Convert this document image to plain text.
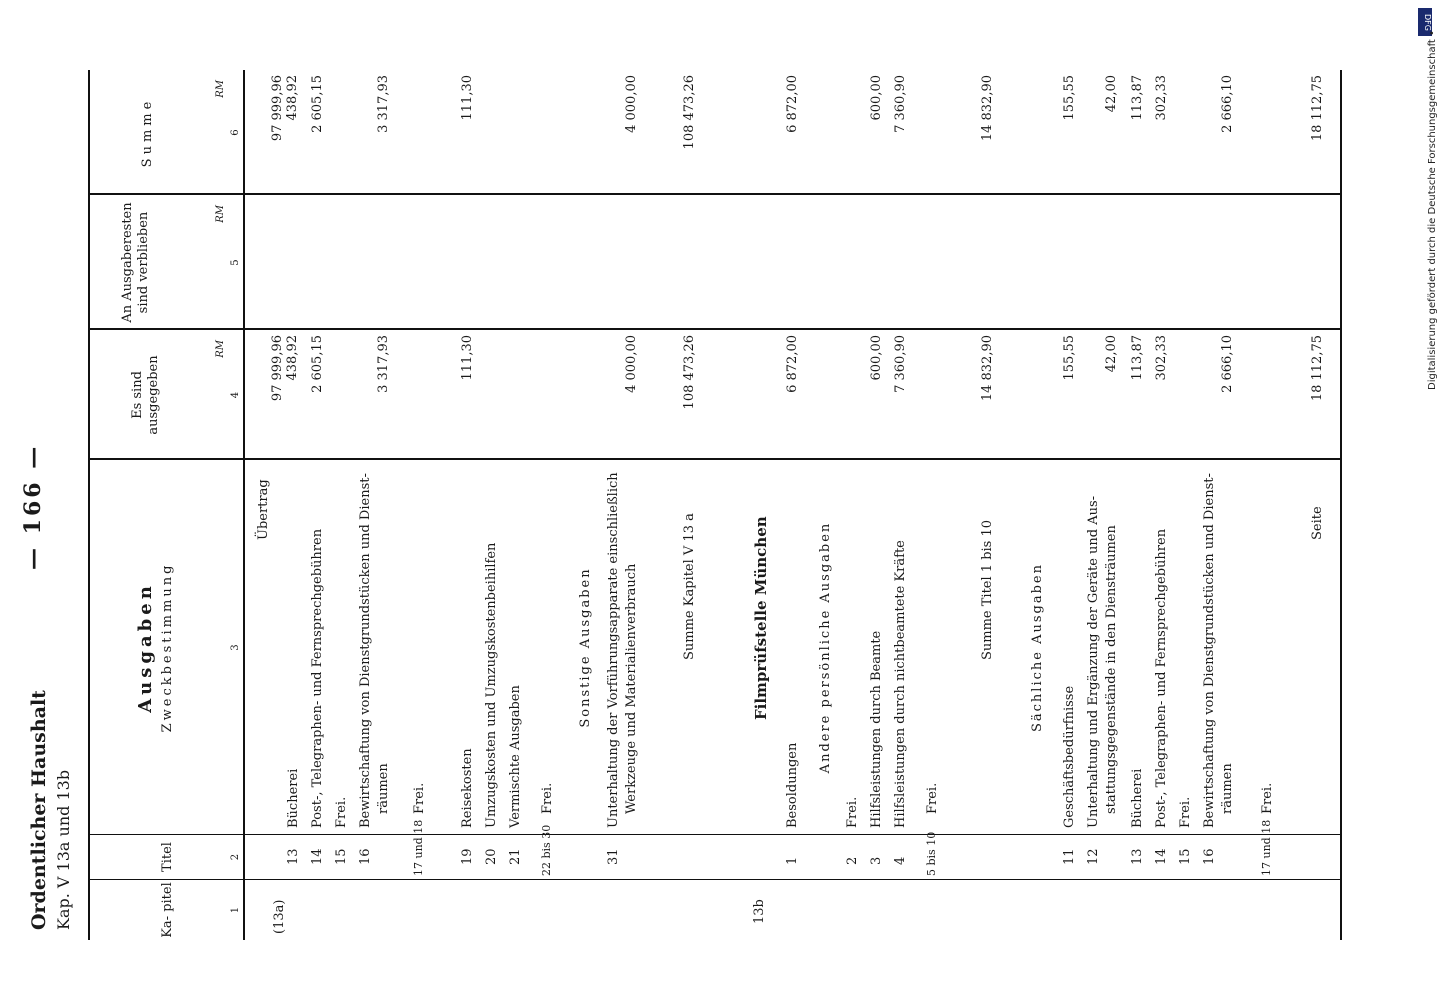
Ordentlicher Haushalt Kap. V 13a und 13b
— 166 —
Ka- pitel
Titel
Ausgaben Zweckbestimmung
Es sind ausgegeben
An Ausgaberesten sind verblieben
Summe
RM
RM
RM
1
2
3
4
5
6
Übertrag
(13a)
13
Bücherei
97 999,96
438,92
97 999,96
438,92
14
Post-, Telegraphen- und Fernsprechgebühren
2 605,15
2 605,15
15
Frei.
16
Bewirtschaftung von Dienstgrundstücken und Dienst- räumen
3 317,93
3 317,93
17 und 18
Frei.
19
Reisekosten
111,30
111,30
20
Umzugskosten und Umzugskostenbeihilfen
21
Vermischte Ausgaben
22 bis 30
Frei.
Sonstige Ausgaben
31
Unterhaltung der Vorführungsapparate einschließlich Werkzeuge und Materialienverbrauch
4 000,00
4 000,00
Summe Kapitel V 13 a
108 473,26
108 473,26
13b
Filmprüfstelle München
1
Besoldungen
6 872,00
6 872,00
Andere persönliche Ausgaben
2
Frei.
3
Hilfsleistungen durch Beamte
600,00
600,00
4
Hilfsleistungen durch nichtbeamtete Kräfte
7 360,90
7 360,90
5 bis 10
Frei.
Summe Titel 1 bis 10
14 832,90
14 832,90
Sächliche Ausgaben
11
Geschäftsbedürfnisse
155,55
155,55
12
Unterhaltung und Ergänzung der Geräte und Aus- stattungsgegenstände in den Diensträumen
42,00
42,00
13
Bücherei
113,87
113,87
14
Post-, Telegraphen- und Fernsprechgebühren
302,33
302,33
15
Frei.
16
Bewirtschaftung von Dienstgrundstücken und Dienst- räumen
2 666,10
2 666,10
17 und 18
Frei.
Seite
18 112,75
18 112,75
DFG
Digitalisierung gefördert durch die Deutsche Forschungsgemeinschaft •
